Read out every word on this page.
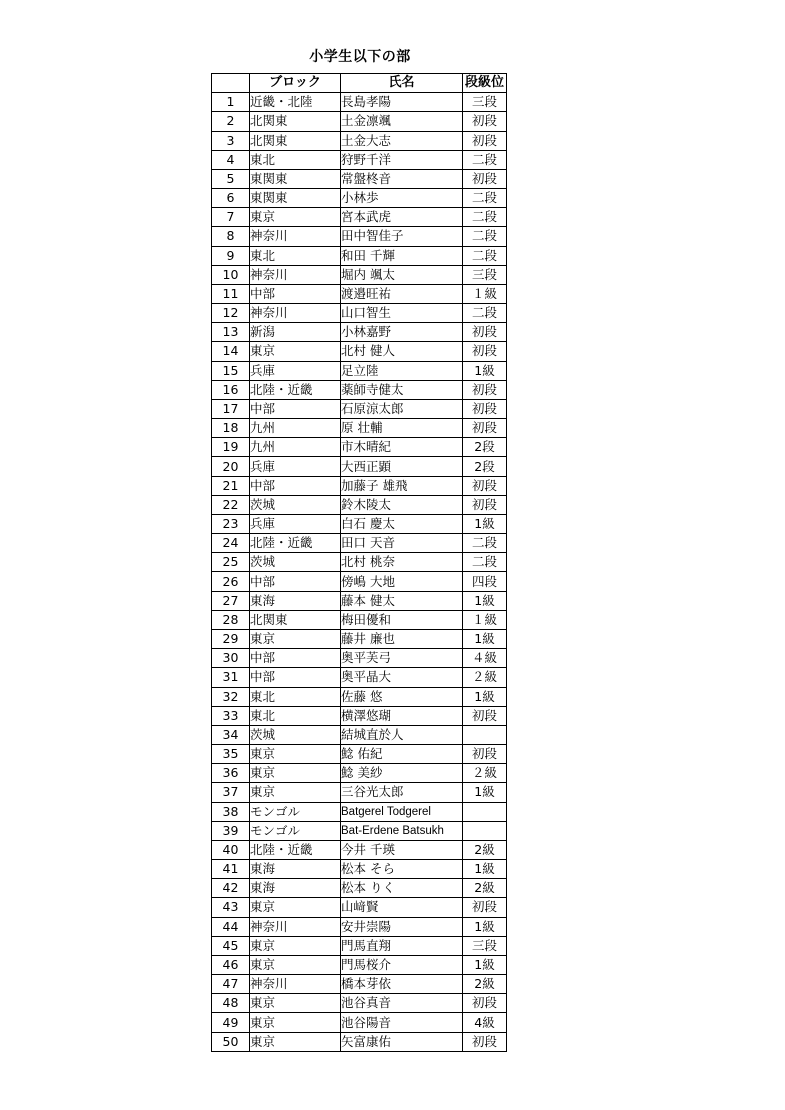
小学生以下の部
	ブロック	氏名	段級位
1	近畿・北陸	長島孝陽	三段
2	北関東	土金凛颯	初段
3	北関東	土金大志	初段
4	東北	狩野千洋	二段
5	東関東	常盤柊音	初段
6	東関東	小林歩	二段
7	東京	宮本武虎	二段
8	神奈川	田中智佳子	二段
9	東北	和田 千輝	二段
10	神奈川	堀内 颯太	三段
11	中部	渡邉旺祐	１級
12	神奈川	山口智生	二段
13	新潟	小林嘉野	初段
14	東京	北村 健人	初段
15	兵庫	足立陸	1級
16	北陸・近畿	薬師寺健太	初段
17	中部	石原涼太郎	初段
18	九州	原 壮輔	初段
19	九州	市木晴紀	2段
20	兵庫	大西正顕	2段
21	中部	加藤子 雄飛	初段
22	茨城	鈴木陵太	初段
23	兵庫	白石 慶太	1級
24	北陸・近畿	田口 天音	二段
25	茨城	北村 桃奈	二段
26	中部	傍嶋 大地	四段
27	東海	藤本 健太	1級
28	北関東	梅田優和	１級
29	東京	藤井 廉也	1級
30	中部	奥平芙弓	４級
31	中部	奥平晶大	２級
32	東北	佐藤 悠	1級
33	東北	横澤悠瑚	初段
34	茨城	結城直於人	
35	東京	鯰 佑紀	初段
36	東京	鯰 美紗	２級
37	東京	三谷光太郎	1級
38	モンゴル	Batgerel Todgerel	
39	モンゴル	Bat-Erdene Batsukh	
40	北陸・近畿	今井 千瑛	2級
41	東海	松本 そら	1級
42	東海	松本 りく	2級
43	東京	山﨑賢	初段
44	神奈川	安井崇陽	1級
45	東京	門馬直翔	三段
46	東京	門馬桜介	1級
47	神奈川	橋本芽依	2級
48	東京	池谷真音	初段
49	東京	池谷陽音	4級
50	東京	矢富康佑	初段
